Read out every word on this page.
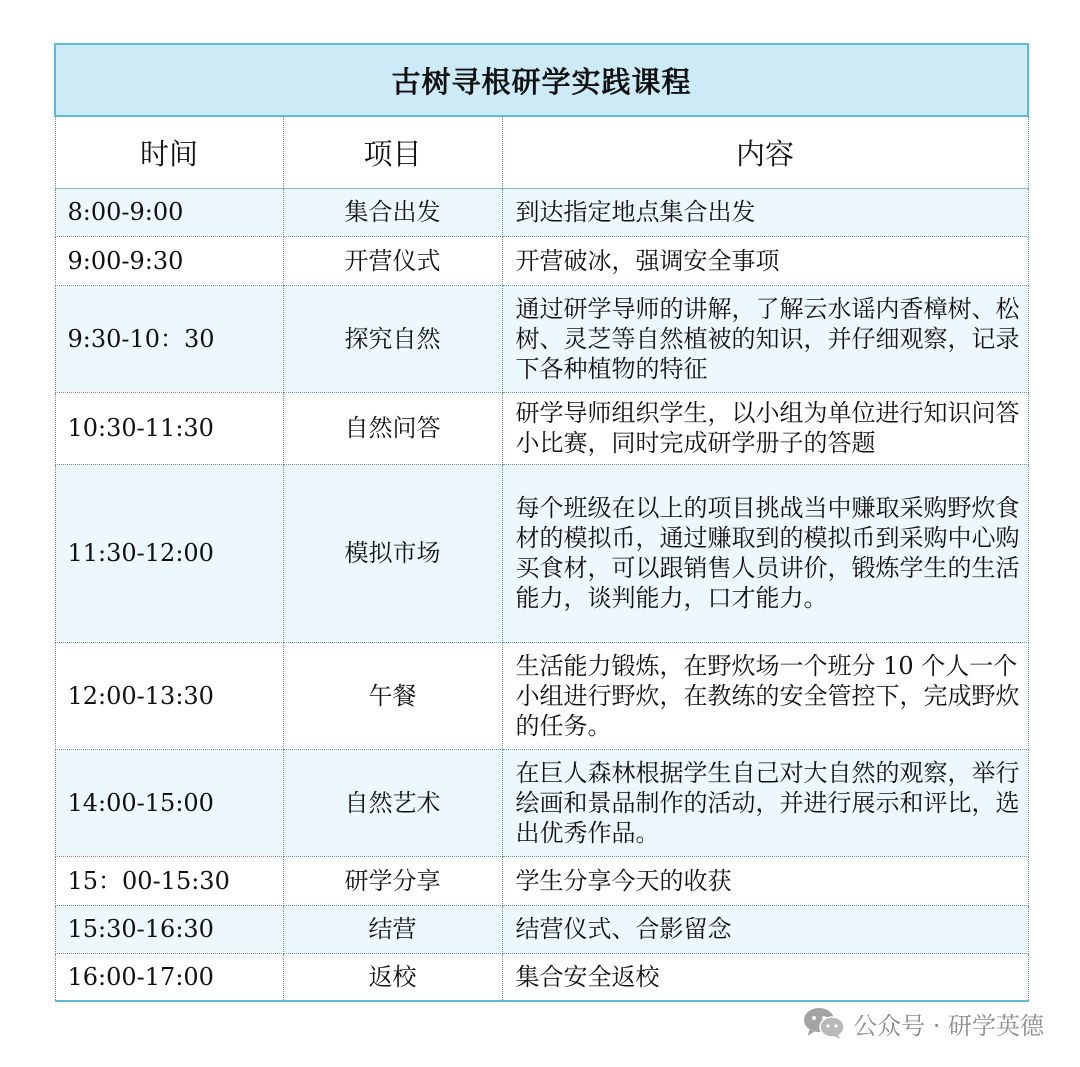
古树寻根研学实践课程		
时间	项目	内容
8:00-9:00	集合出发	到达指定地点集合出发
9:00-9:30	开营仪式	开营破冰，强调安全事项
9:30-10：30	探究自然	通过研学导师的讲解，了解云水谣内香樟树、松树、灵芝等自然植被的知识，并仔细观察，记录下各种植物的特征
10:30-11:30	自然问答	研学导师组织学生，以小组为单位进行知识问答小比赛，同时完成研学册子的答题
11:30-12:00	模拟市场	每个班级在以上的项目挑战当中赚取采购野炊食材的模拟币，通过赚取到的模拟币到采购中心购买食材，可以跟销售人员讲价，锻炼学生的生活能力，谈判能力，口才能力。
12:00-13:30	午餐	生活能力锻炼，在野炊场一个班分 10 个人一个小组进行野炊，在教练的安全管控下，完成野炊的任务。
14:00-15:00	自然艺术	在巨人森林根据学生自己对大自然的观察，举行绘画和景品制作的活动，并进行展示和评比，选出优秀作品。
15：00-15:30	研学分享	学生分享今天的收获
15:30-16:30	结营	结营仪式、合影留念
16:00-17:00	返校	集合安全返校
公众号 · 研学英德
